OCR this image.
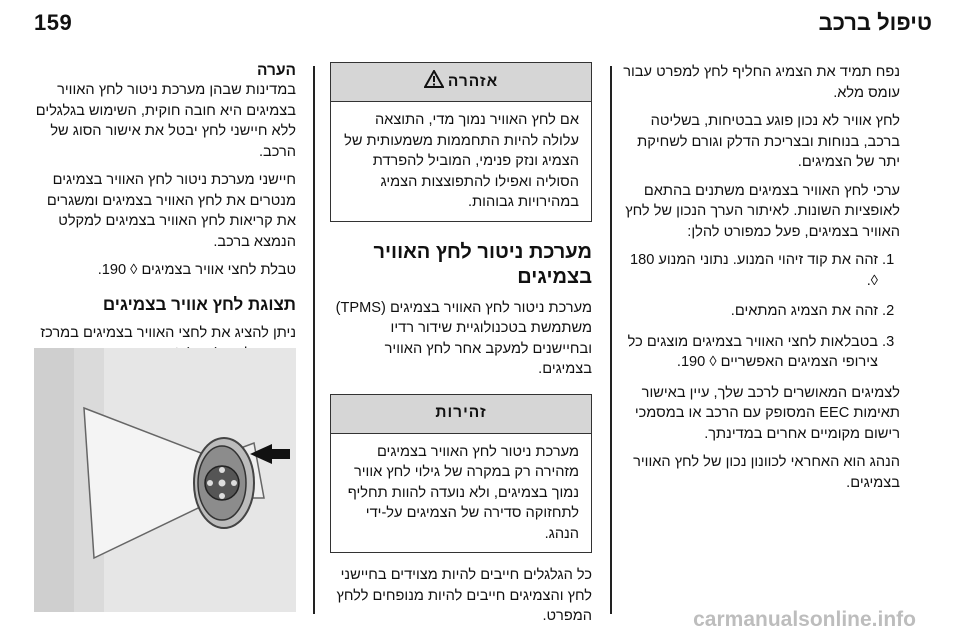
159	טיפול ברכב

נפח תמיד את הצמיג החליף לחץ למפרט עבור עומס מלא.

לחץ אוויר לא נכון פוגע בבטיחות, בשליטה ברכב, בנוחות ובצריכת הדלק וגורם לשחיקת יתר של הצמיגים.

ערכי לחץ האוויר בצמיגים משתנים בהתאם לאופציות השונות. לאיתור הערך הנכון של לחץ האוויר בצמיגים, פעל כמפורט להלן:

1. זהה את קוד זיהוי המנוע. נתוני המנוע 180 ◊.
2. זהה את הצמיג המתאים.
3. בטבלאות לחצי האוויר בצמיגים מוצגים כל צירופי הצמיגים האפשריים ◊ 190.

לצמיגים המאושרים לרכב שלך, עיין באישור תאימות EEC המסופק עם הרכב או במסמכי רישום מקומיים אחרים במדינתך.

הנהג הוא האחראי לכוונון נכון של לחץ האוויר בצמיגים.

אזהרה

אם לחץ האוויר נמוך מדי, התוצאה עלולה להיות התחממות משמעותית של הצמיג ונזק פנימי, המוביל להפרדת הסוליה ואפילו להתפוצצות הצמיג במהירויות גבוהות.

מערכת ניטור לחץ האוויר בצמיגים

מערכת ניטור לחץ האוויר בצמיגים (TPMS) משתמשת בטכנולוגיית שידור רדיו ובחיישנים למעקב אחר לחץ האוויר בצמיגים.

זהירות

מערכת ניטור לחץ האוויר בצמיגים מזהירה רק במקרה של גילוי לחץ אוויר נמוך בצמיגים, ולא נועדה להוות תחליף לתחזוקה סדירה של הצמיגים על-ידי הנהג.

כל הגלגלים חייבים להיות מצוידים בחיישני לחץ והצמיגים חייבים להיות מנופחים ללחץ המפרט.

הערה

במדינות שבהן מערכת ניטור לחץ האוויר בצמיגים היא חובה חוקית, השימוש בגלגלים ללא חיישני לחץ יבטל את אישור הסוג של הרכב.

חיישני מערכת ניטור לחץ האוויר בצמיגים מנטרים את לחץ האוויר בצמיגים ומשגרים את קריאות לחץ האוויר בצמיגים למקלט הנמצא ברכב.

טבלת לחצי אוויר בצמיגים ◊ 190.

תצוגת לחץ אוויר בצמיגים

ניתן להציג את לחצי האוויר בצמיגים במרכז

carmanualsonline.info
